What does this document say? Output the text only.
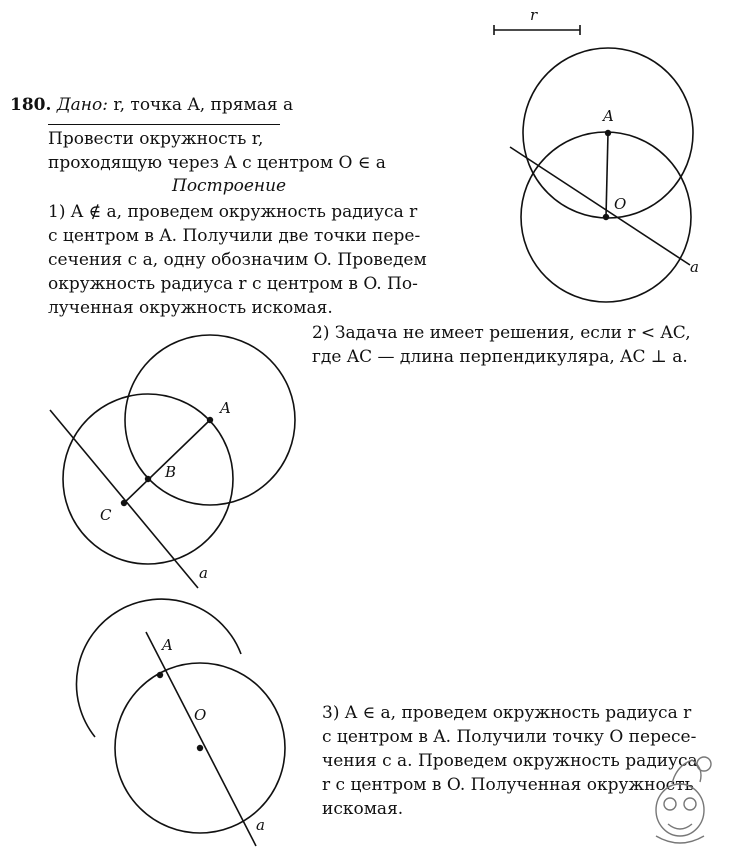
180. Дано: r, точка A, прямая a
Провести окружность r,
проходящую через A с центром O ∈ a
Построение
1) A ∉ a, проведем окружность радиуса r
с центром в A. Получили две точки пере-
сечения с a, одну обозначим O. Проведем
окружность радиуса r с центром в O. По-
лученная окружность искомая.
2) Задача не имеет решения, если r < AC,
где AC — длина перпендикуляра, AC ⊥ a.
3) A ∈ a, проведем окружность радиуса r
с центром в A. Получили точку O пересе-
чения с a. Проведем окружность радиуса
r с центром в O. Полученная окружность
искомая.
r
A
O
a
A
B
C
a
A
O
a
